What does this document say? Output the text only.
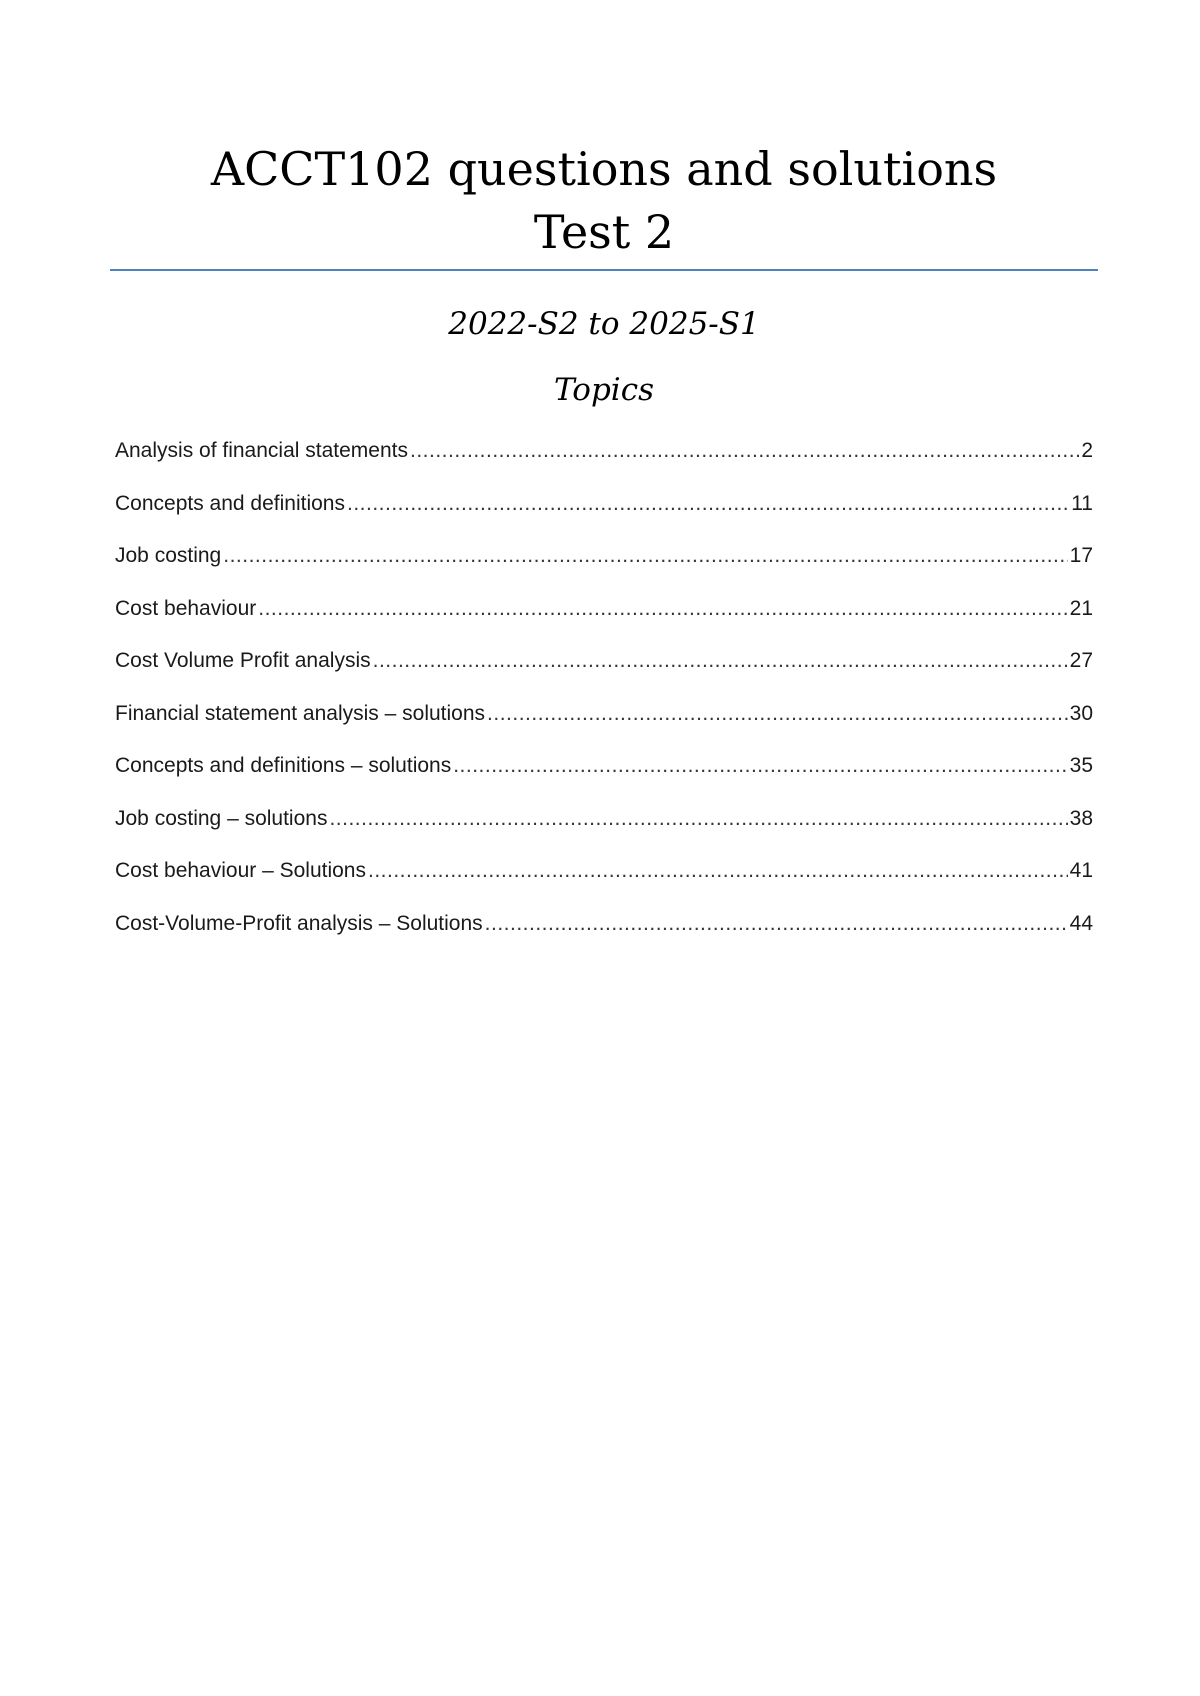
ACCT102 questions and solutions
Test 2
2022-S2 to 2025-S1
Topics
Analysis of financial statements .....	2
Concepts and definitions .....	11
Job costing .....	17
Cost behaviour .....	21
Cost Volume Profit analysis .....	27
Financial statement analysis – solutions .....	30
Concepts and definitions – solutions .....	35
Job costing – solutions .....	38
Cost behaviour – Solutions .....	41
Cost-Volume-Profit analysis – Solutions .....	44
